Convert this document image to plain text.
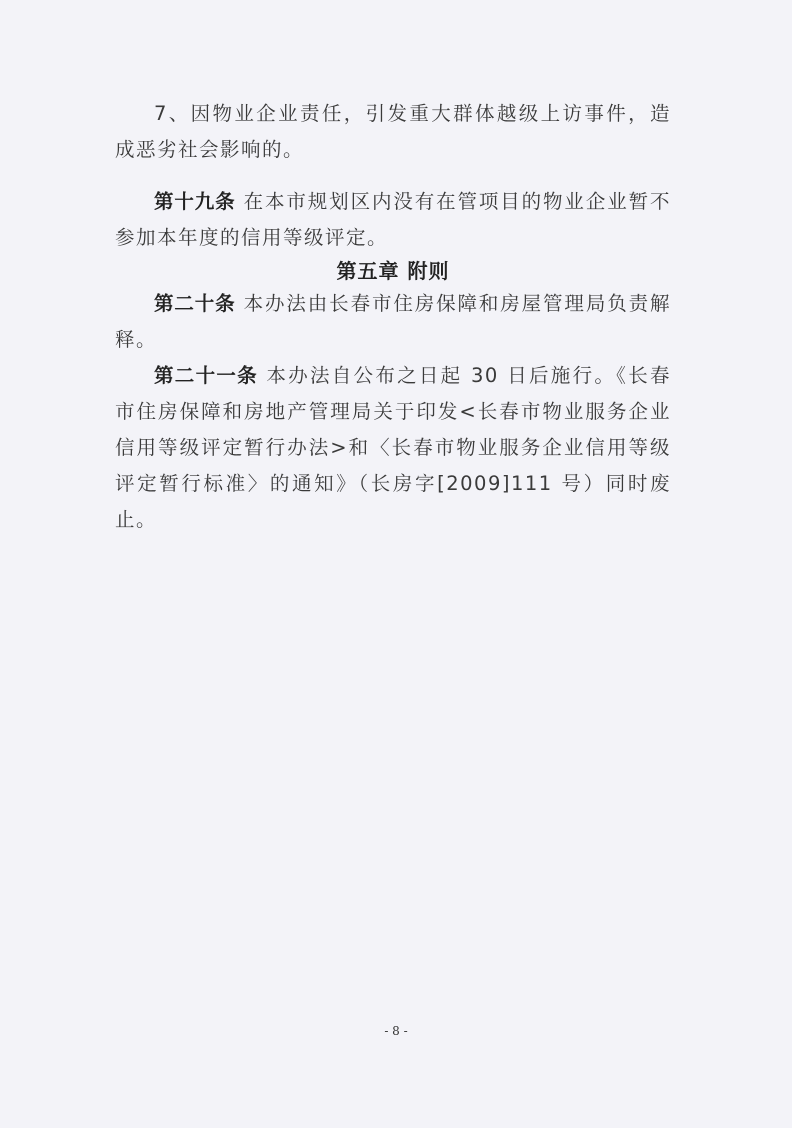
7、因物业企业责任，引发重大群体越级上访事件，造成恶劣社会影响的。

第十九条 在本市规划区内没有在管项目的物业企业暂不参加本年度的信用等级评定。

第五章 附则

第二十条 本办法由长春市住房保障和房屋管理局负责解释。

第二十一条 本办法自公布之日起 30 日后施行。《长春市住房保障和房地产管理局关于印发<长春市物业服务企业信用等级评定暂行办法>和〈长春市物业服务企业信用等级评定暂行标准〉的通知》（长房字[2009]111 号）同时废止。

- 8 -
